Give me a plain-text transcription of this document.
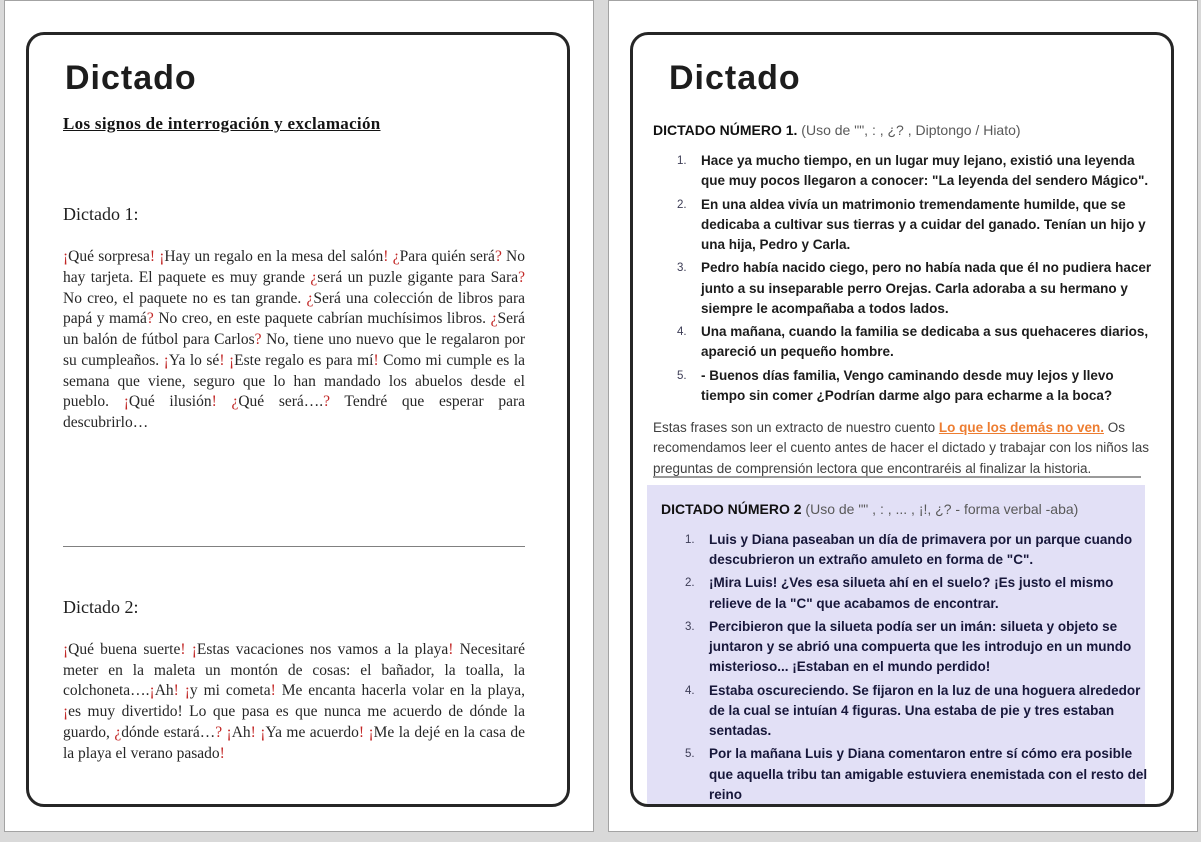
Dictado
Los signos de interrogación y exclamación
Dictado 1:

¡Qué sorpresa! ¡Hay un regalo en la mesa del salón! ¿Para quién será? No hay tarjeta. El paquete es muy grande ¿será un puzle gigante para Sara? No creo, el paquete no es tan grande. ¿Será una colección de libros para papá y mamá? No creo, en este paquete cabrían muchísimos libros. ¿Será un balón de fútbol para Carlos? No, tiene uno nuevo que le regalaron por su cumpleaños. ¡Ya lo sé! ¡Este regalo es para mí! Como mi cumple es la semana que viene, seguro que lo han mandado los abuelos desde el pueblo. ¡Qué ilusión! ¿Qué será….? Tendré que esperar para descubrirlo…

Dictado 2:

¡Qué buena suerte! ¡Estas vacaciones nos vamos a la playa! Necesitaré meter en la maleta un montón de cosas: el bañador, la toalla, la colchoneta….¡Ah! ¡y mi cometa! Me encanta hacerla volar en la playa, ¡es muy divertido! Lo que pasa es que nunca me acuerdo de dónde la guardo, ¿dónde estará…? ¡Ah! ¡Ya me acuerdo! ¡Me la dejé en la casa de la playa el verano pasado!

Dictado
DICTADO NÚMERO 1. (Uso de "", : , ¿? , Diptongo / Hiato)
Hace ya mucho tiempo, en un lugar muy lejano, existió una leyenda que muy pocos llegaron a conocer: "La leyenda del sendero Mágico".
En una aldea vivía un matrimonio tremendamente humilde, que se dedicaba a cultivar sus tierras y a cuidar del ganado. Tenían un hijo y una hija, Pedro y Carla.
Pedro había nacido ciego, pero no había nada que él no pudiera hacer junto a su inseparable perro Orejas. Carla adoraba a su hermano y siempre le acompañaba a todos lados.
Una mañana, cuando la familia se dedicaba a sus quehaceres diarios, apareció un pequeño hombre.
- Buenos días familia, Vengo caminando desde muy lejos y llevo tiempo sin comer ¿Podrían darme algo para echarme a la boca?

Estas frases son un extracto de nuestro cuento Lo que los demás no ven. Os recomendamos leer el cuento antes de hacer el dictado y trabajar con los niños las preguntas de comprensión lectora que encontraréis al finalizar la historia.

DICTADO NÚMERO 2 (Uso de "" , : , ... , ¡!, ¿? - forma verbal -aba)
Luis y Diana paseaban un día de primavera por un parque cuando descubrieron un extraño amuleto en forma de "C".
¡Mira Luis! ¿Ves esa silueta ahí en el suelo? ¡Es justo el mismo relieve de la "C" que acabamos de encontrar.
Percibieron que la silueta podía ser un imán: silueta y objeto se juntaron y se abrió una compuerta que les introdujo en un mundo misterioso... ¡Estaban en el mundo perdido!
Estaba oscureciendo. Se fijaron en la luz de una hoguera alrededor de la cual se intuían 4 figuras. Una estaba de pie y tres estaban sentadas.
Por la mañana Luis y Diana comentaron entre sí cómo era posible que aquella tribu tan amigable estuviera enemistada con el resto del reino
